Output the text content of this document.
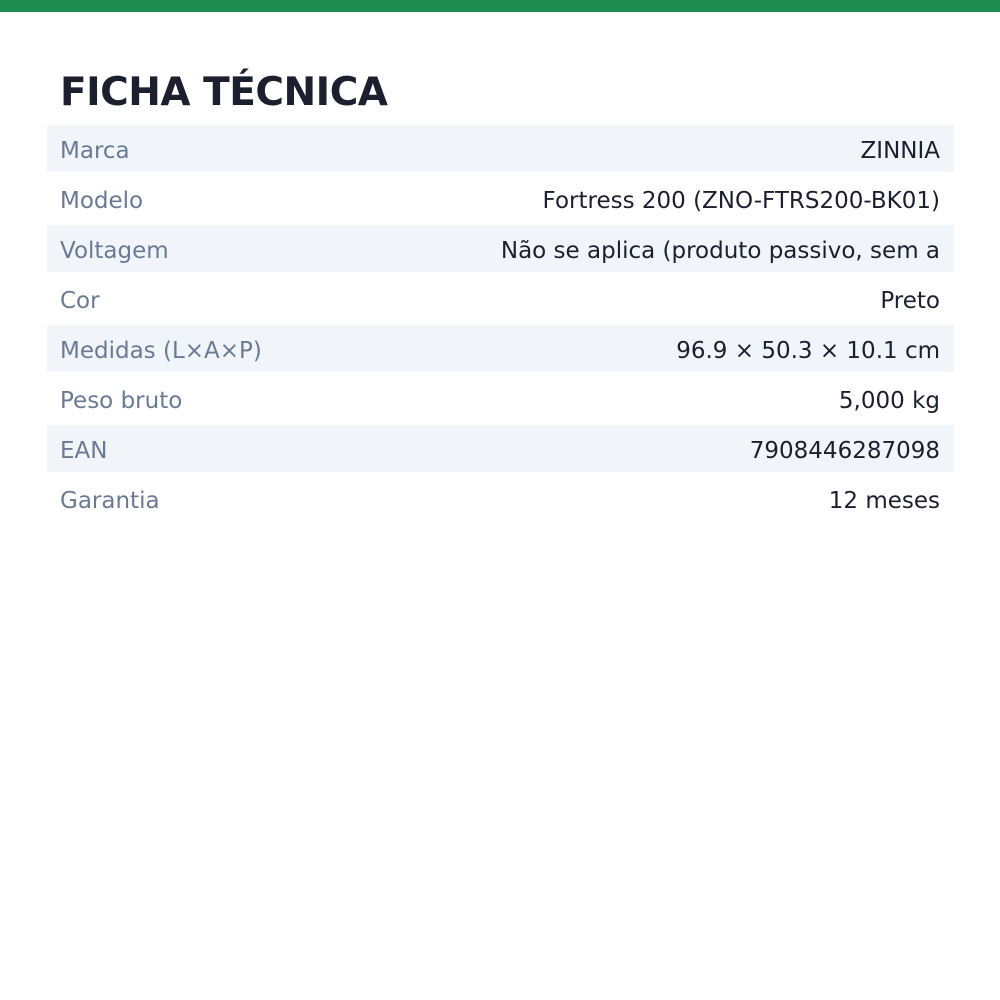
FICHA TÉCNICA
Marca	ZINNIA
Modelo	Fortress 200 (ZNO-FTRS200-BK01)
Voltagem	Não se aplica (produto passivo, sem a
Cor	Preto
Medidas (L×A×P)	96.9 × 50.3 × 10.1 cm
Peso bruto	5,000 kg
EAN	7908446287098
Garantia	12 meses
